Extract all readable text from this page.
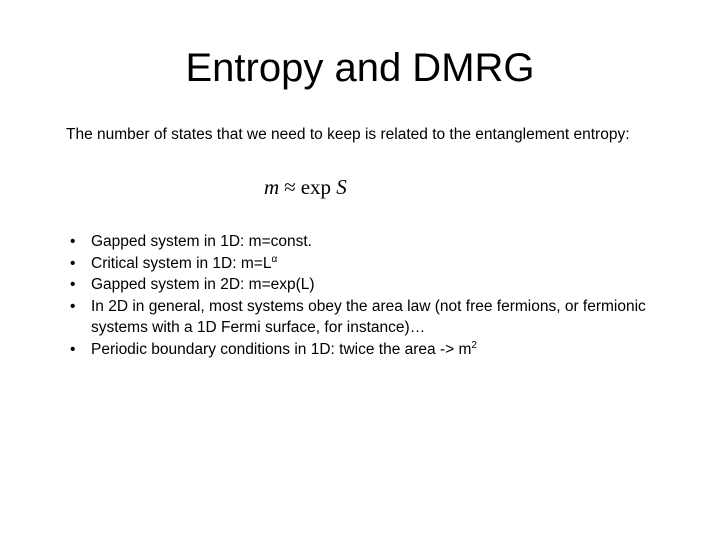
Entropy and DMRG
The number of states that we need to keep is related to the entanglement entropy:
m ≈ exp S
•	Gapped system in 1D: m=const.
•	Critical system in 1D: $m=L^\alpha$
•	Gapped system in 2D: m=exp(L)
•	In 2D in general, most systems obey the area law (not free fermions, or fermionic systems with a 1D Fermi surface, for instance)…
•	Periodic boundary conditions in 1D: twice the area -> $m^2$
